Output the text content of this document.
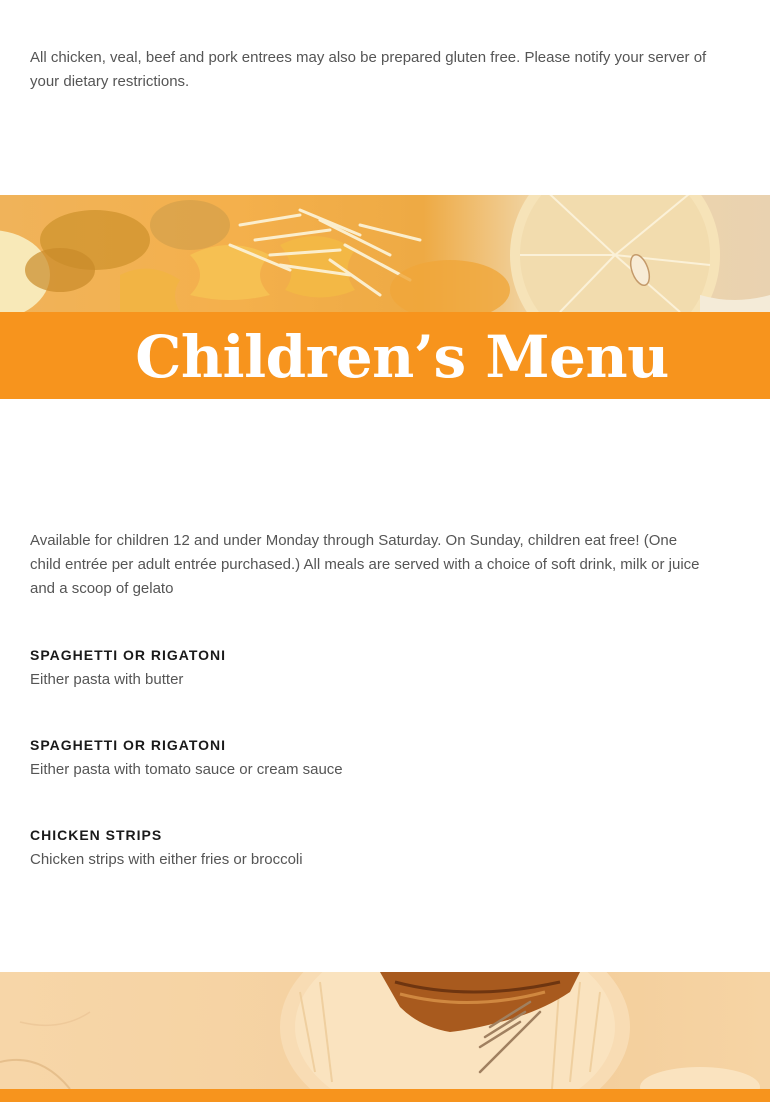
All chicken, veal, beef and pork entrees may also be prepared gluten free. Please notify your server of your dietary restrictions.

Children’s Menu

Available for children 12 and under Monday through Saturday. On Sunday, children eat free! (One child entrée per adult entrée purchased.) All meals are served with a choice of soft drink, milk or juice and a scoop of gelato

SPAGHETTI OR RIGATONI
Either pasta with butter
SPAGHETTI OR RIGATONI
Either pasta with tomato sauce or cream sauce
CHICKEN STRIPS
Chicken strips with either fries or broccoli
